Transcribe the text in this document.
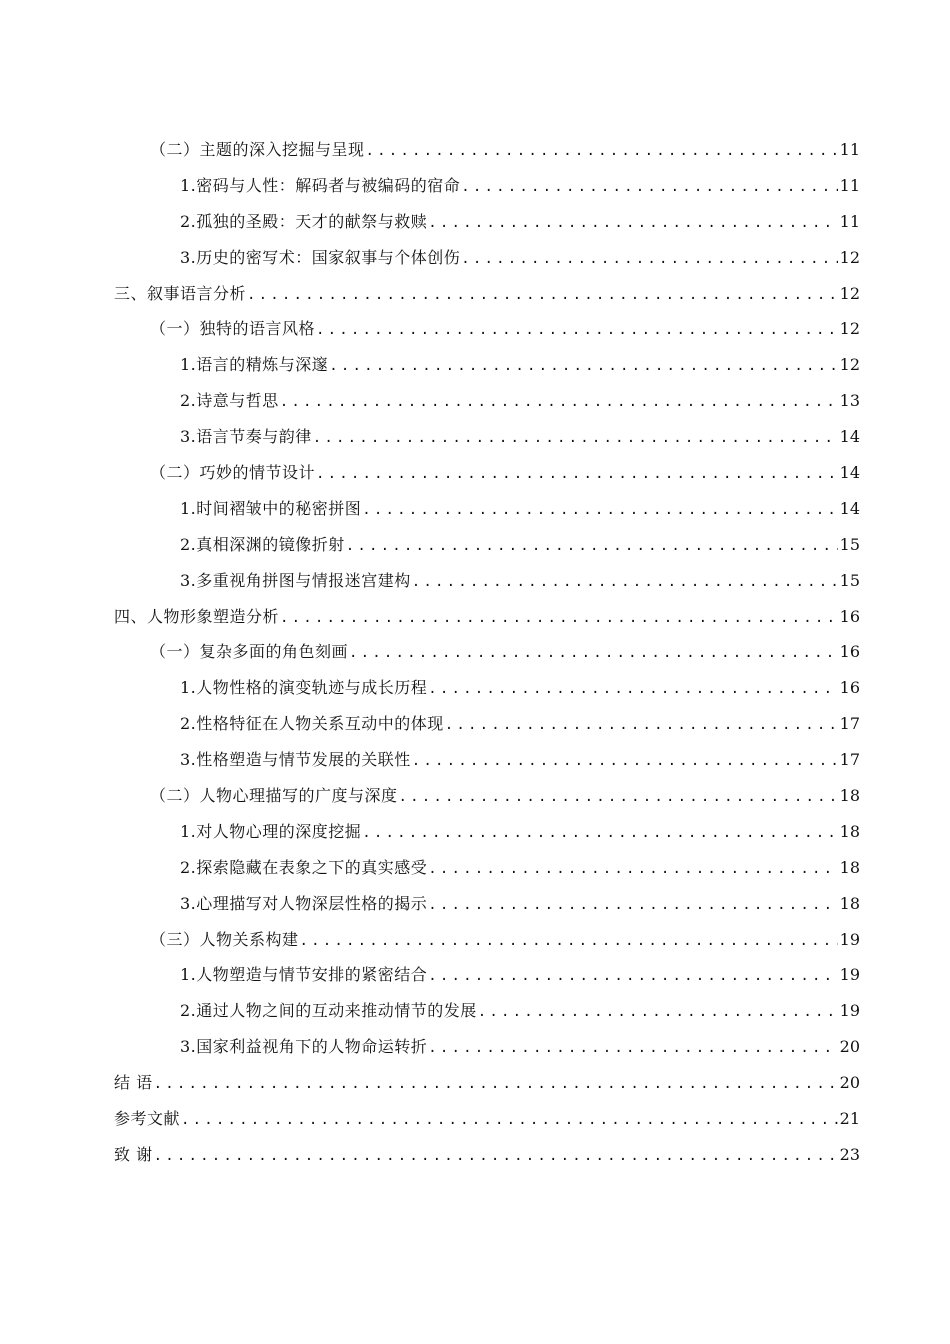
（二）主题的深入挖掘与呈现 .....	11
1.密码与人性：解码者与被编码的宿命 .....	11
2.孤独的圣殿：天才的献祭与救赎 .....	11
3.历史的密写术：国家叙事与个体创伤 .....	12
三、叙事语言分析 .....	12
（一）独特的语言风格 .....	12
1.语言的精炼与深邃 .....	12
2.诗意与哲思 .....	13
3.语言节奏与韵律 .....	14
（二）巧妙的情节设计 .....	14
1.时间褶皱中的秘密拼图 .....	14
2.真相深渊的镜像折射 .....	15
3.多重视角拼图与情报迷宫建构 .....	15
四、人物形象塑造分析 .....	16
（一）复杂多面的角色刻画 .....	16
1.人物性格的演变轨迹与成长历程 .....	16
2.性格特征在人物关系互动中的体现 .....	17
3.性格塑造与情节发展的关联性 .....	17
（二）人物心理描写的广度与深度 .....	18
1.对人物心理的深度挖掘 .....	18
2.探索隐藏在表象之下的真实感受 .....	18
3.心理描写对人物深层性格的揭示 .....	18
（三）人物关系构建 .....	19
1.人物塑造与情节安排的紧密结合 .....	19
2.通过人物之间的互动来推动情节的发展 .....	19
3.国家利益视角下的人物命运转折 .....	20
结 语 .....	20
参考文献 .....	21
致 谢 .....	23
